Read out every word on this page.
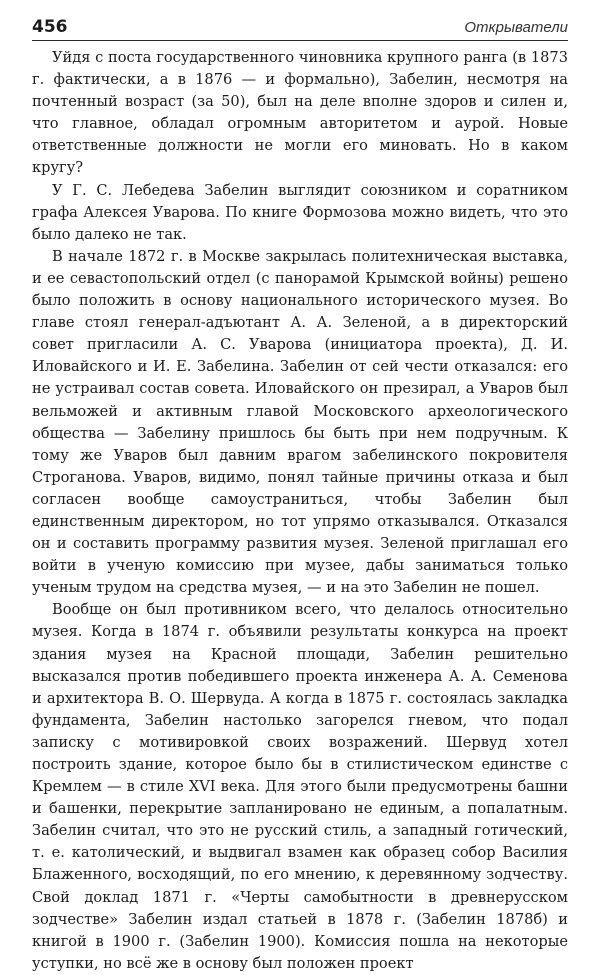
456	Открыватели

Уйдя с поста государственного чиновника крупного ранга (в 1873 г. фактически, а в 1876 — и формально), Забелин, несмотря на почтенный возраст (за 50), был на деле вполне здоров и силен и, что главное, обладал огромным авторитетом и аурой. Новые ответственные должности не могли его миновать. Но в каком кругу?

У Г. С. Лебедева Забелин выглядит союзником и соратником графа Алексея Уварова. По книге Формозова можно видеть, что это было далеко не так.

В начале 1872 г. в Москве закрылась политехническая выставка, и ее севастопольский отдел (с панорамой Крымской войны) решено было положить в основу национального исторического музея. Во главе стоял генерал-адъютант А. А. Зеленой, а в директорский совет пригласили А. С. Уварова (инициатора проекта), Д. И. Иловайского и И. Е. Забелина. Забелин от сей чести отказался: его не устраивал состав совета. Иловайского он презирал, а Уваров был вельможей и активным главой Московского археологического общества — Забелину пришлось бы быть при нем подручным. К тому же Уваров был давним врагом забелинского покровителя Строганова. Уваров, видимо, понял тайные причины отказа и был согласен вообще самоустраниться, чтобы Забелин был единственным директором, но тот упрямо отказывался. Отказался он и составить программу развития музея. Зеленой приглашал его войти в ученую комиссию при музее, дабы заниматься только ученым трудом на средства музея, — и на это Забелин не пошел.

Вообще он был противником всего, что делалось относительно музея. Когда в 1874 г. объявили результаты конкурса на проект здания музея на Красной площади, Забелин решительно высказался против победившего проекта инженера А. А. Семенова и архитектора В. О. Шервуда. А когда в 1875 г. состоялась закладка фундамента, Забелин настолько загорелся гневом, что подал записку с мотивировкой своих возражений. Шервуд хотел построить здание, которое было бы в стилистическом единстве с Кремлем — в стиле XVI века. Для этого были предусмотрены башни и башенки, перекрытие запланировано не единым, а попалатным. Забелин считал, что это не русский стиль, а западный готический, т. е. католический, и выдвигал взамен как образец собор Василия Блаженного, восходящий, по его мнению, к деревянному зодчеству. Свой доклад 1871 г. «Черты самобытности в древнерусском зодчестве» Забелин издал статьей в 1878 г. (Забелин 1878б) и книгой в 1900 г. (Забелин 1900). Комиссия пошла на некоторые уступки, но всё же в основу был положен проект
